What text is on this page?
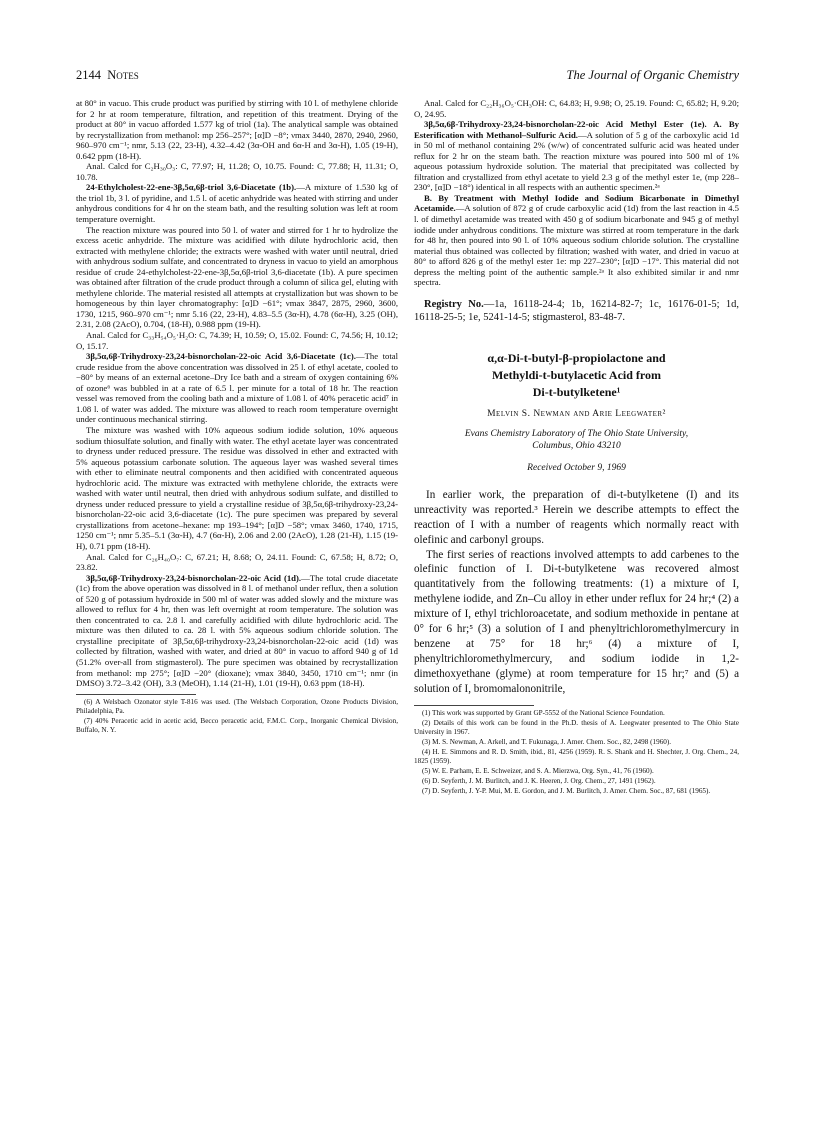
2144 Notes	The Journal of Organic Chemistry

at 80° in vacuo. This crude product was purified by stirring with 10 l. of methylene chloride for 2 hr at room temperature, filtration, and repetition of this treatment. Drying of the product at 80° in vacuo afforded 1.577 kg of triol (1a). The analytical sample was obtained by recrystallization from methanol: mp 256–257°; [α]D −8°; νmax 3440, 2870, 2940, 2960, 960–970 cm⁻¹; nmr, 5.13 (22, 23-H), 4.32–4.42 (3α-OH and 6α-H and 3α-H), 1.05 (19-H), 0.642 ppm (18-H).

Anal. Calcd for C₂H₃₀O₃: C, 77.97; H, 11.28; O, 10.75. Found: C, 77.88; H, 11.31; O, 10.78.

24-Ethylcholest-22-ene-3β,5α,6β-triol 3,6-Diacetate (1b).—A mixture of 1.530 kg of the triol 1b, 3 l. of pyridine, and 1.5 l. of acetic anhydride was heated with stirring and under anhydrous conditions for 4 hr on the steam bath, and the resulting solution was left at room temperature overnight.

The reaction mixture was poured into 50 l. of water and stirred for 1 hr to hydrolize the excess acetic anhydride. The mixture was acidified with dilute hydrochloric acid, then extracted with methylene chloride; the extracts were washed with water until neutral, dried with anhydrous sodium sulfate, and concentrated to dryness in vacuo to yield an amorphous residue of crude 24-ethylcholest-22-ene-3β,5α,6β-triol 3,6-diacetate (1b). A pure specimen was obtained after filtration of the crude product through a column of silica gel, eluting with methylene chloride. The material resisted all attempts at crystallization but was shown to be homogeneous by thin layer chromatography: [α]D −61°; νmax 3847, 2875, 2960, 3600, 1730, 1215, 960–970 cm⁻¹; nmr 5.16 (22, 23-H), 4.83–5.5 (3α-H), 4.78 (6α-H), 3.25 (OH), 2.31, 2.08 (2AcO), 0.704, (18-H), 0.988 ppm (19-H).

Anal. Calcd for C₃₃H₅₄O₅·H₂O: C, 74.39; H, 10.59; O, 15.02. Found: C, 74.56; H, 10.12; O, 15.17.

3β,5α,6β-Trihydroxy-23,24-bisnorcholan-22-oic Acid 3,6-Diacetate (1c).—The total crude residue from the above concentration was dissolved in 25 l. of ethyl acetate, cooled to −80° by means of an external acetone–Dry Ice bath and a stream of oxygen containing 6% of ozone⁶ was bubbled in at a rate of 6.5 l. per minute for a total of 18 hr. The reaction vessel was removed from the cooling bath and a mixture of 1.08 l. of 40% peracetic acid⁷ in 1.08 l. of water was added. The mixture was allowed to reach room temperature overnight under continuous mechanical stirring.

The mixture was washed with 10% aqueous sodium iodide solution, 10% aqueous sodium thiosulfate solution, and finally with water. The ethyl acetate layer was concentrated to dryness under reduced pressure. The residue was dissolved in ether and extracted with 5% aqueous potassium carbonate solution. The aqueous layer was washed several times with ether to eliminate neutral components and then acidified with concentrated aqueous hydrochloric acid. The mixture was extracted with methylene chloride, the extracts were washed with water until neutral, then dried with anhydrous sodium sulfate, and distilled to dryness under reduced pressure to yield a crystalline residue of 3β,5α,6β-trihydroxy-23,24-bisnorcholan-22-oic acid 3,6-diacetate (1c). The pure specimen was prepared by several crystallizations from acetone–hexane: mp 193–194°; [α]D −58°; νmax 3460, 1740, 1715, 1250 cm⁻¹; nmr 5.35–5.1 (3α-H), 4.7 (6α-H), 2.06 and 2.00 (2AcO), 1.28 (21-H), 1.15 (19-H), 0.71 ppm (18-H).

Anal. Calcd for C₂₆H₄₀O₇: C, 67.21; H, 8.68; O, 24.11. Found: C, 67.58; H, 8.72; O, 23.82.

3β,5α,6β-Trihydroxy-23,24-bisnorcholan-22-oic Acid (1d).—The total crude diacetate (1c) from the above operation was dissolved in 8 l. of methanol under reflux, then a solution of 520 g of potassium hydroxide in 500 ml of water was added slowly and the mixture was allowed to reflux for 4 hr, then was left overnight at room temperature. The solution was then concentrated to ca. 2.8 l. and carefully acidified with dilute hydrochloric acid. The mixture was then diluted to ca. 28 l. with 5% aqueous sodium chloride solution. The crystalline precipitate of 3β,5α,6β-trihydroxy-23,24-bisnorcholan-22-oic acid (1d) was collected by filtration, washed with water, and dried at 80° in vacuo to afford 940 g of 1d (51.2% over-all from stigmasterol). The pure specimen was obtained by recrystallization from methanol: mp 275°; [α]D −20° (dioxane); νmax 3840, 3450, 1710 cm⁻¹; nmr (in DMSO) 3.72–3.42 (OH), 3.3 (MeOH), 1.14 (21-H), 1.01 (19-H), 0.63 ppm (18-H).

(6) A Welsbach Ozonator style T-816 was used. (The Welsbach Corporation, Ozone Products Division, Philadelphia, Pa.

(7) 40% Peracetic acid in acetic acid, Becco peracetic acid, F.M.C. Corp., Inorganic Chemical Division, Buffalo, N. Y.

Anal. Calcd for C₂₂H₃₆O₅·CH₃OH: C, 64.83; H, 9.98; O, 25.19. Found: C, 65.82; H, 9.20; O, 24.95.

3β,5α,6β-Trihydroxy-23,24-bisnorcholan-22-oic Acid Methyl Ester (1e). A. By Esterification with Methanol–Sulfuric Acid.—A solution of 5 g of the carboxylic acid 1d in 50 ml of methanol containing 2% (w/w) of concentrated sulfuric acid was heated under reflux for 2 hr on the steam bath. The reaction mixture was poured into 500 ml of 1% aqueous potassium hydroxide solution. The material that precipitated was collected by filtration and crystallized from ethyl acetate to yield 2.3 g of the methyl ester 1e, (mp 228–230°, [α]D −18°) identical in all respects with an authentic specimen.²ᵃ

B. By Treatment with Methyl Iodide and Sodium Bicarbonate in Dimethyl Acetamide.—A solution of 872 g of crude carboxylic acid (1d) from the last reaction in 4.5 l. of dimethyl acetamide was treated with 450 g of sodium bicarbonate and 945 g of methyl iodide under anhydrous conditions. The mixture was stirred at room temperature in the dark for 48 hr, then poured into 90 l. of 10% aqueous sodium chloride solution. The crystalline material thus obtained was collected by filtration; washed with water, and dried in vacuo at 80° to afford 826 g of the methyl ester 1e: mp 227–230°; [α]D −17°. This material did not depress the melting point of the authentic sample.²ᵃ It also exhibited similar ir and nmr spectra.

Registry No.—1a, 16118-24-4; 1b, 16214-82-7; 1c, 16176-01-5; 1d, 16118-25-5; 1e, 5241-14-5; stigmasterol, 83-48-7.

α,α-Di-t-butyl-β-propiolactone and
Methyldi-t-butylacetic Acid from
Di-t-butylketene¹
Melvin S. Newman and Arie Leegwater²
Evans Chemistry Laboratory of The Ohio State University,
Columbus, Ohio 43210
Received October 9, 1969

In earlier work, the preparation of di-t-butylketene (I) and its unreactivity was reported.³ Herein we describe attempts to effect the reaction of I with a number of reagents which normally react with olefinic and carbonyl groups.

The first series of reactions involved attempts to add carbenes to the olefinic function of I. Di-t-butylketene was recovered almost quantitatively from the following treatments: (1) a mixture of I, methylene iodide, and Zn–Cu alloy in ether under reflux for 24 hr;⁴ (2) a mixture of I, ethyl trichloroacetate, and sodium methoxide in pentane at 0° for 6 hr;⁵ (3) a solution of I and phenyltrichloromethylmercury in benzene at 75° for 18 hr;⁶ (4) a mixture of I, phenyltrichloromethylmercury, and sodium iodide in 1,2-dimethoxyethane (glyme) at room temperature for 15 hr;⁷ and (5) a solution of I, bromomalononitrile,

(1) This work was supported by Grant GP-5552 of the National Science Foundation.

(2) Details of this work can be found in the Ph.D. thesis of A. Leegwater presented to The Ohio State University in 1967.

(3) M. S. Newman, A. Arkell, and T. Fukunaga, J. Amer. Chem. Soc., 82, 2498 (1960).

(4) H. E. Simmons and R. D. Smith, ibid., 81, 4256 (1959). R. S. Shank and H. Shechter, J. Org. Chem., 24, 1825 (1959).

(5) W. E. Parham, E. E. Schweizer, and S. A. Mierzwa, Org. Syn., 41, 76 (1960).

(6) D. Seyferth, J. M. Burlitch, and J. K. Heeren, J. Org. Chem., 27, 1491 (1962).

(7) D. Seyferth, J. Y-P. Mui, M. E. Gordon, and J. M. Burlitch, J. Amer. Chem. Soc., 87, 681 (1965).
